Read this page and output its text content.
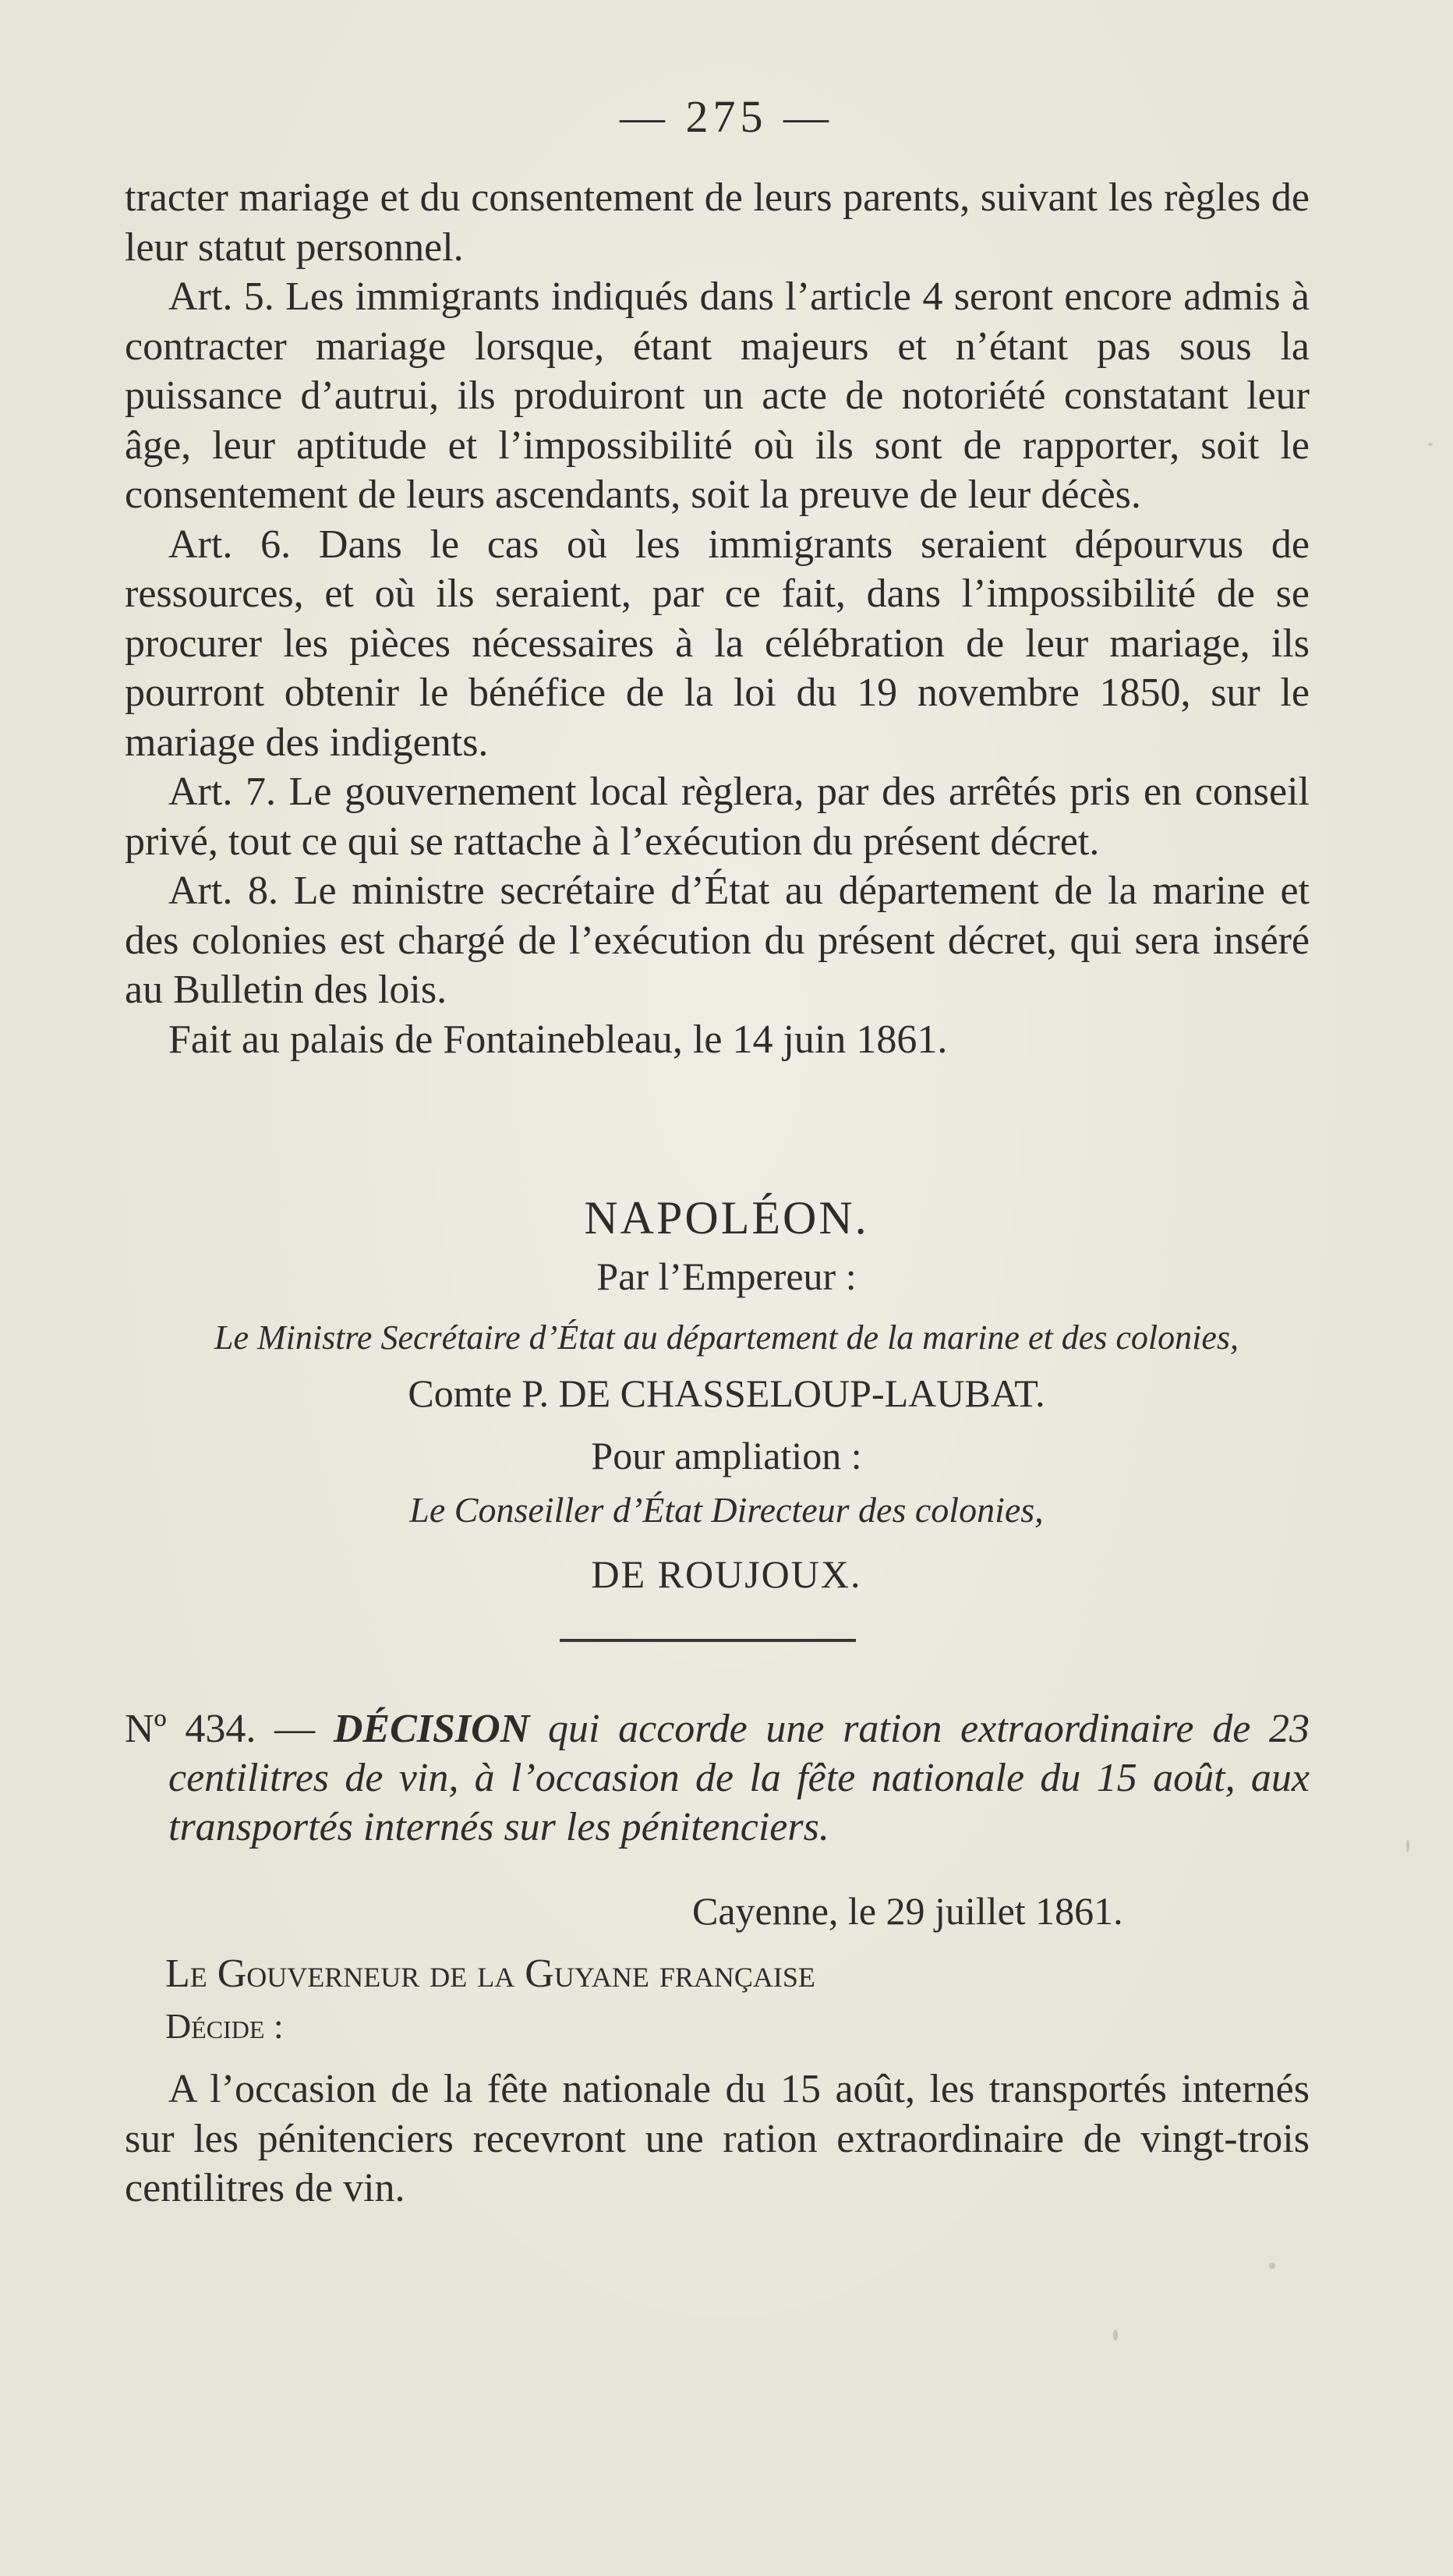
— 275 —

tracter mariage et du consentement de leurs parents, suivant les règles de leur statut personnel.

Art. 5. Les immigrants indiqués dans l’article 4 seront encore admis à contracter mariage lorsque, étant majeurs et n’étant pas sous la puissance d’autrui, ils produiront un acte de notoriété constatant leur âge, leur aptitude et l’impossibilité où ils sont de rapporter, soit le consentement de leurs ascendants, soit la preuve de leur décès.

Art. 6. Dans le cas où les immigrants seraient dépourvus de ressources, et où ils seraient, par ce fait, dans l’impossibilité de se procurer les pièces nécessaires à la célébration de leur mariage, ils pourront obtenir le bénéfice de la loi du 19 novembre 1850, sur le mariage des indigents.

Art. 7. Le gouvernement local règlera, par des arrêtés pris en conseil privé, tout ce qui se rattache à l’exécution du présent décret.

Art. 8. Le ministre secrétaire d’État au département de la marine et des colonies est chargé de l’exécution du présent décret, qui sera inséré au Bulletin des lois.

Fait au palais de Fontainebleau, le 14 juin 1861.

NAPOLÉON.
Par l’Empereur :
Le Ministre Secrétaire d’État au département de la marine et des colonies,
Comte P. DE CHASSELOUP-LAUBAT.
Pour ampliation :
Le Conseiller d’État Directeur des colonies,
DE ROUJOUX.

Nº 434. — DÉCISION qui accorde une ration extraordinaire de 23 centilitres de vin, à l’occasion de la fête nationale du 15 août, aux transportés internés sur les pénitenciers.

Cayenne, le 29 juillet 1861.
Le Gouverneur de la Guyane française
Décide :

A l’occasion de la fête nationale du 15 août, les transportés internés sur les pénitenciers recevront une ration extraordinaire de vingt-trois centilitres de vin.
